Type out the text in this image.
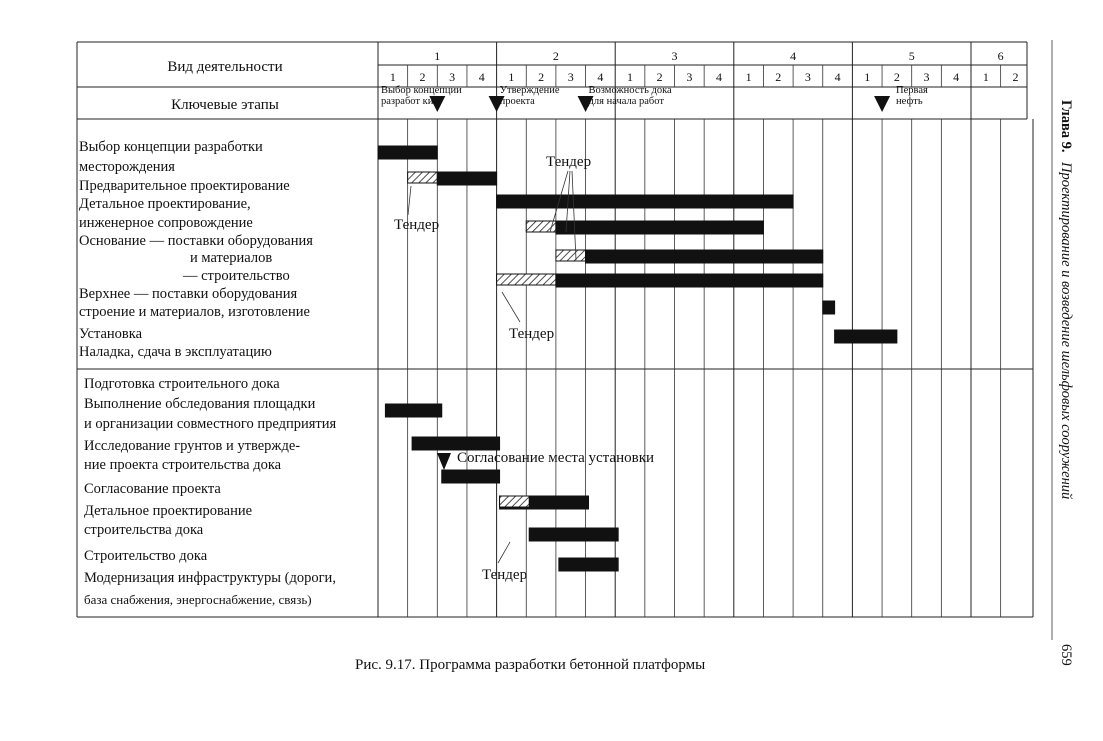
1	2	3	4	5	6
1 2 3 4 1 2 3 4 1 2 3 4 1 2 3 4 1 2 3 4 1 2
Вид деятельности
Ключевые этапы
Выбор концепции
разработ ки
Утверждение
проекта
Возможность дока
для начала работ
Первая
нефть
Выбор концепции разработки
месторождения
Предварительное проектирование
Детальное проектирование,
инженерное сопровождение
Основание — поставки оборудования
и материалов
— строительство
Верхнее — поставки оборудования
строение и материалов, изготовление
Установка
Наладка, сдача в эксплуатацию
Подготовка строительного дока
Выполнение обследования площадки
и организации совместного предприятия
Исследование грунтов и утвержде-
ние проекта строительства дока
Согласование проекта
Детальное проектирование
строительства дока
Строительство дока
Модернизация инфраструктуры (дороги,
база снабжения, энергоснабжение, связь)
Тендер
Тендер
Тендер
Согласование места установки
Тендер
Рис. 9.17. Программа разработки бетонной платформы
Глава 9.
Проектирование и возведение шельфовых сооружений
659
